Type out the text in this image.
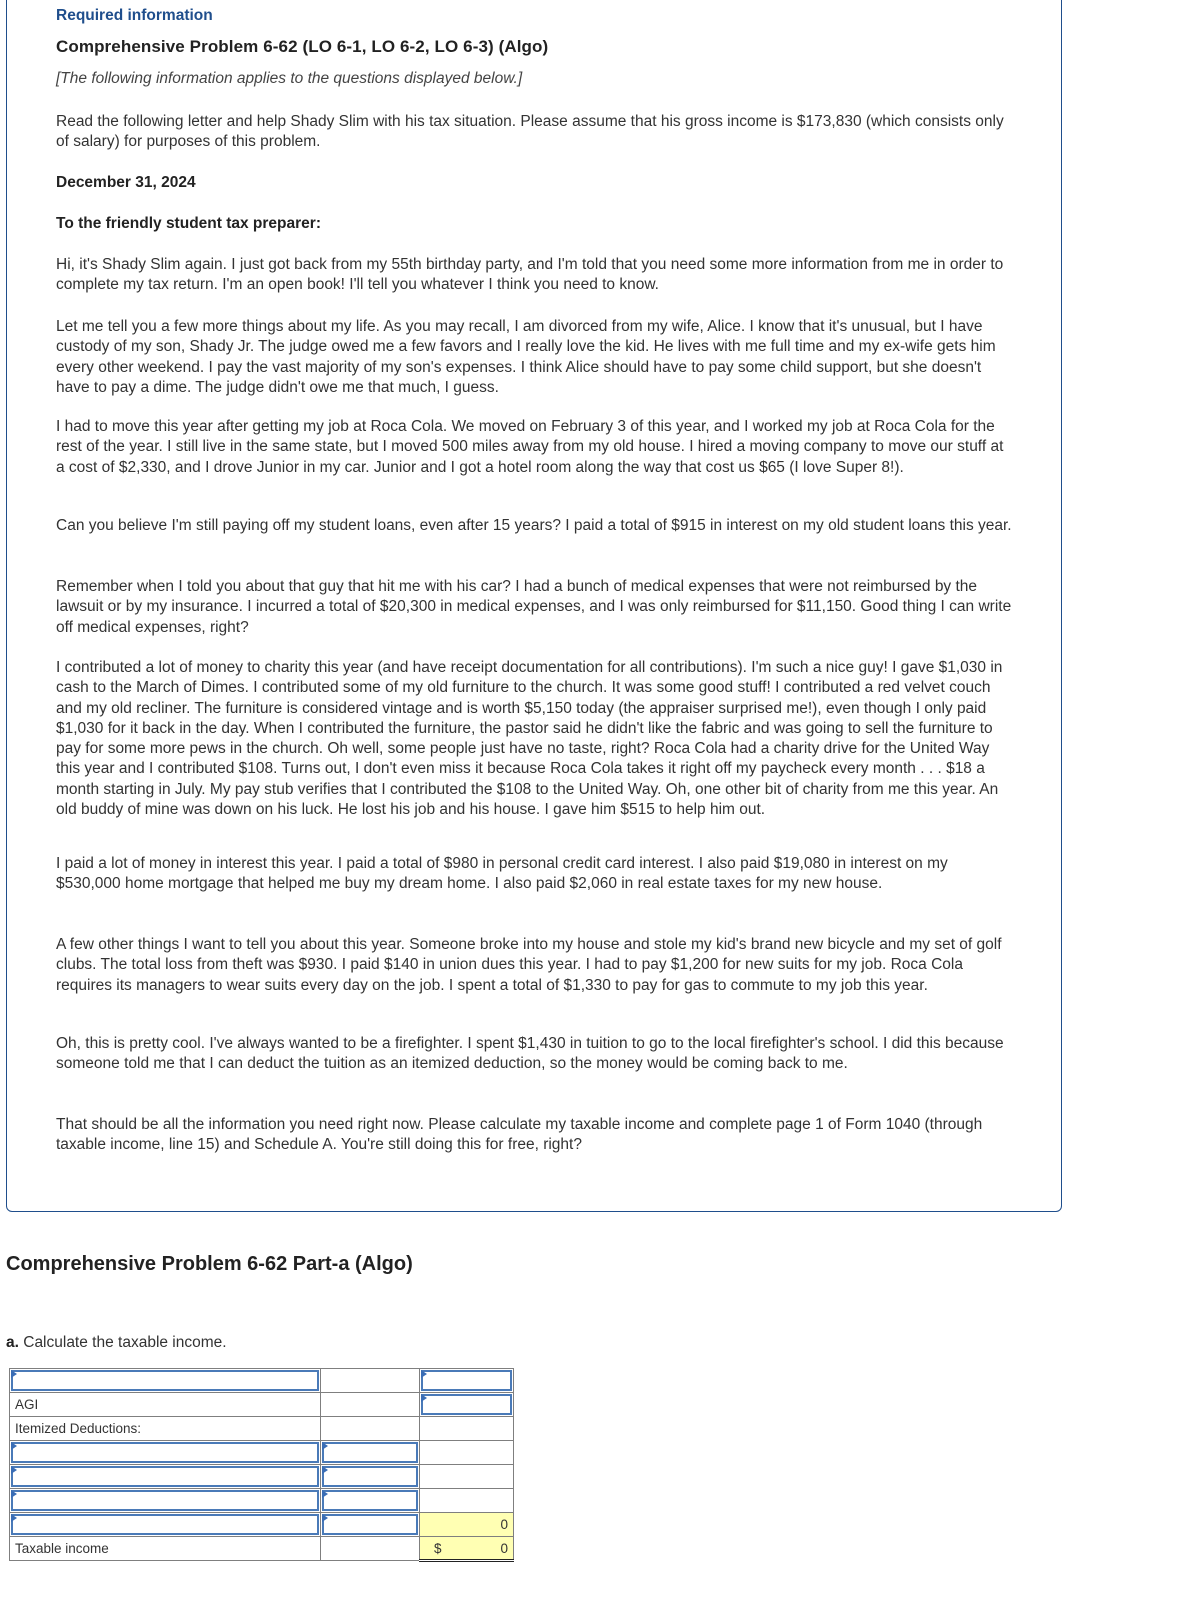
Required information
Comprehensive Problem 6-62 (LO 6-1, LO 6-2, LO 6-3) (Algo)
[The following information applies to the questions displayed below.]
Read the following letter and help Shady Slim with his tax situation. Please assume that his gross income is $173,830 (which consists only of salary) for purposes of this problem.
December 31, 2024
To the friendly student tax preparer:
Hi, it's Shady Slim again. I just got back from my 55th birthday party, and I'm told that you need some more information from me in order to complete my tax return. I'm an open book! I'll tell you whatever I think you need to know.
Let me tell you a few more things about my life. As you may recall, I am divorced from my wife, Alice. I know that it's unusual, but I have custody of my son, Shady Jr. The judge owed me a few favors and I really love the kid. He lives with me full time and my ex-wife gets him every other weekend. I pay the vast majority of my son's expenses. I think Alice should have to pay some child support, but she doesn't have to pay a dime. The judge didn't owe me that much, I guess.
I had to move this year after getting my job at Roca Cola. We moved on February 3 of this year, and I worked my job at Roca Cola for the rest of the year. I still live in the same state, but I moved 500 miles away from my old house. I hired a moving company to move our stuff at a cost of $2,330, and I drove Junior in my car. Junior and I got a hotel room along the way that cost us $65 (I love Super 8!).
Can you believe I'm still paying off my student loans, even after 15 years? I paid a total of $915 in interest on my old student loans this year.
Remember when I told you about that guy that hit me with his car? I had a bunch of medical expenses that were not reimbursed by the lawsuit or by my insurance. I incurred a total of $20,300 in medical expenses, and I was only reimbursed for $11,150. Good thing I can write off medical expenses, right?
I contributed a lot of money to charity this year (and have receipt documentation for all contributions). I'm such a nice guy! I gave $1,030 in cash to the March of Dimes. I contributed some of my old furniture to the church. It was some good stuff! I contributed a red velvet couch and my old recliner. The furniture is considered vintage and is worth $5,150 today (the appraiser surprised me!), even though I only paid $1,030 for it back in the day. When I contributed the furniture, the pastor said he didn't like the fabric and was going to sell the furniture to pay for some more pews in the church. Oh well, some people just have no taste, right? Roca Cola had a charity drive for the United Way this year and I contributed $108. Turns out, I don't even miss it because Roca Cola takes it right off my paycheck every month . . . $18 a month starting in July. My pay stub verifies that I contributed the $108 to the United Way. Oh, one other bit of charity from me this year. An old buddy of mine was down on his luck. He lost his job and his house. I gave him $515 to help him out.
I paid a lot of money in interest this year. I paid a total of $980 in personal credit card interest. I also paid $19,080 in interest on my $530,000 home mortgage that helped me buy my dream home. I also paid $2,060 in real estate taxes for my new house.
A few other things I want to tell you about this year. Someone broke into my house and stole my kid's brand new bicycle and my set of golf clubs. The total loss from theft was $930. I paid $140 in union dues this year. I had to pay $1,200 for new suits for my job. Roca Cola requires its managers to wear suits every day on the job. I spent a total of $1,330 to pay for gas to commute to my job this year.
Oh, this is pretty cool. I've always wanted to be a firefighter. I spent $1,430 in tuition to go to the local firefighter's school. I did this because someone told me that I can deduct the tuition as an itemized deduction, so the money would be coming back to me.
That should be all the information you need right now. Please calculate my taxable income and complete page 1 of Form 1040 (through taxable income, line 15) and Schedule A. You're still doing this for free, right?
Comprehensive Problem 6-62 Part-a (Algo)
a. Calculate the taxable income.

AGI		

Itemized Deductions:		

		0

Taxable income		$ 0
